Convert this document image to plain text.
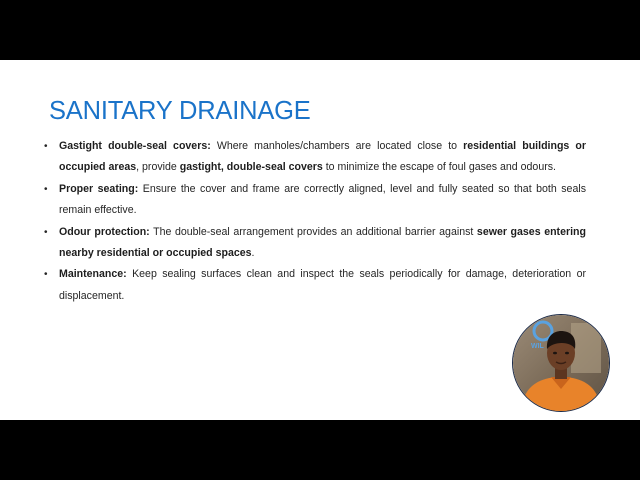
SANITARY DRAINAGE
• Gastight double-seal covers: Where manholes/chambers are located close to residential buildings or occupied areas, provide gastight, double-seal covers to minimize the escape of foul gases and odours.
• Proper seating: Ensure the cover and frame are correctly aligned, level and fully seated so that both seals remain effective.
• Odour protection: The double-seal arrangement provides an additional barrier against sewer gases entering nearby residential or occupied spaces.
• Maintenance: Keep sealing surfaces clean and inspect the seals periodically for damage, deterioration or displacement.
WIL
